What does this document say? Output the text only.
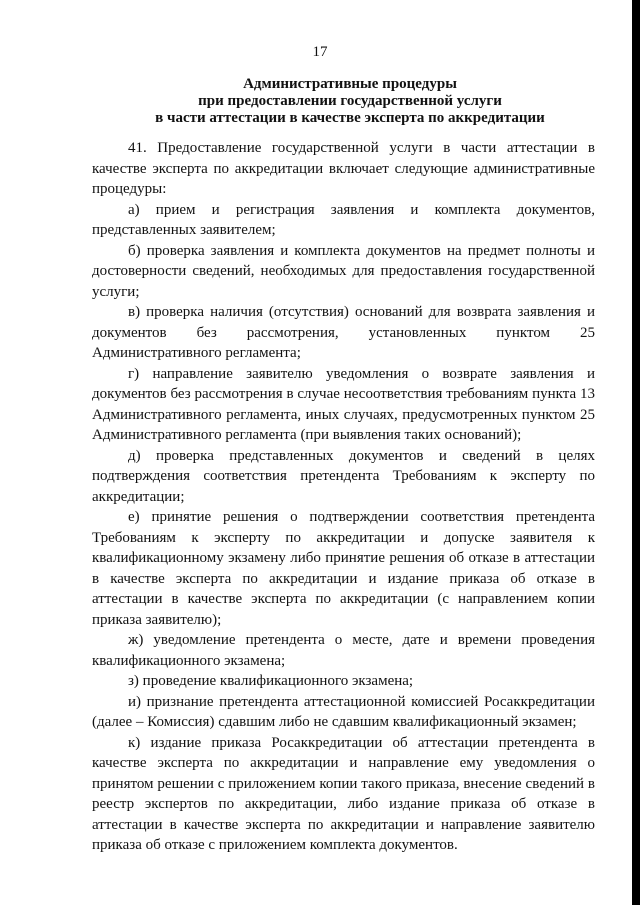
17
Административные процедуры
при предоставлении государственной услуги
в части аттестации в качестве эксперта по аккредитации

41. Предоставление государственной услуги в части аттестации в качестве эксперта по аккредитации включает следующие административные процедуры:

а) прием и регистрация заявления и комплекта документов, представленных заявителем;

б) проверка заявления и комплекта документов на предмет полноты и достоверности сведений, необходимых для предоставления государственной услуги;

в) проверка наличия (отсутствия) оснований для возврата заявления и документов без рассмотрения, установленных пунктом 25 Административного регламента;

г) направление заявителю уведомления о возврате заявления и документов без рассмотрения в случае несоответствия требованиям пункта 13 Административного регламента, иных случаях, предусмотренных пунктом 25 Административного регламента (при выявления таких оснований);

д) проверка представленных документов и сведений в целях подтверждения соответствия претендента Требованиям к эксперту по аккредитации;

е) принятие решения о подтверждении соответствия претендента Требованиям к эксперту по аккредитации и допуске заявителя к квалификационному экзамену либо принятие решения об отказе в аттестации в качестве эксперта по аккредитации и издание приказа об отказе в аттестации в качестве эксперта по аккредитации (с направлением копии приказа заявителю);

ж) уведомление претендента о месте, дате и времени проведения квалификационного экзамена;

з) проведение квалификационного экзамена;

и) признание претендента аттестационной комиссией Росаккредитации (далее – Комиссия) сдавшим либо не сдавшим квалификационный экзамен;

к) издание приказа Росаккредитации об аттестации претендента в качестве эксперта по аккредитации и направление ему уведомления о принятом решении с приложением копии такого приказа, внесение сведений в реестр экспертов по аккредитации, либо издание приказа об отказе в аттестации в качестве эксперта по аккредитации и направление заявителю приказа об отказе с приложением комплекта документов.
